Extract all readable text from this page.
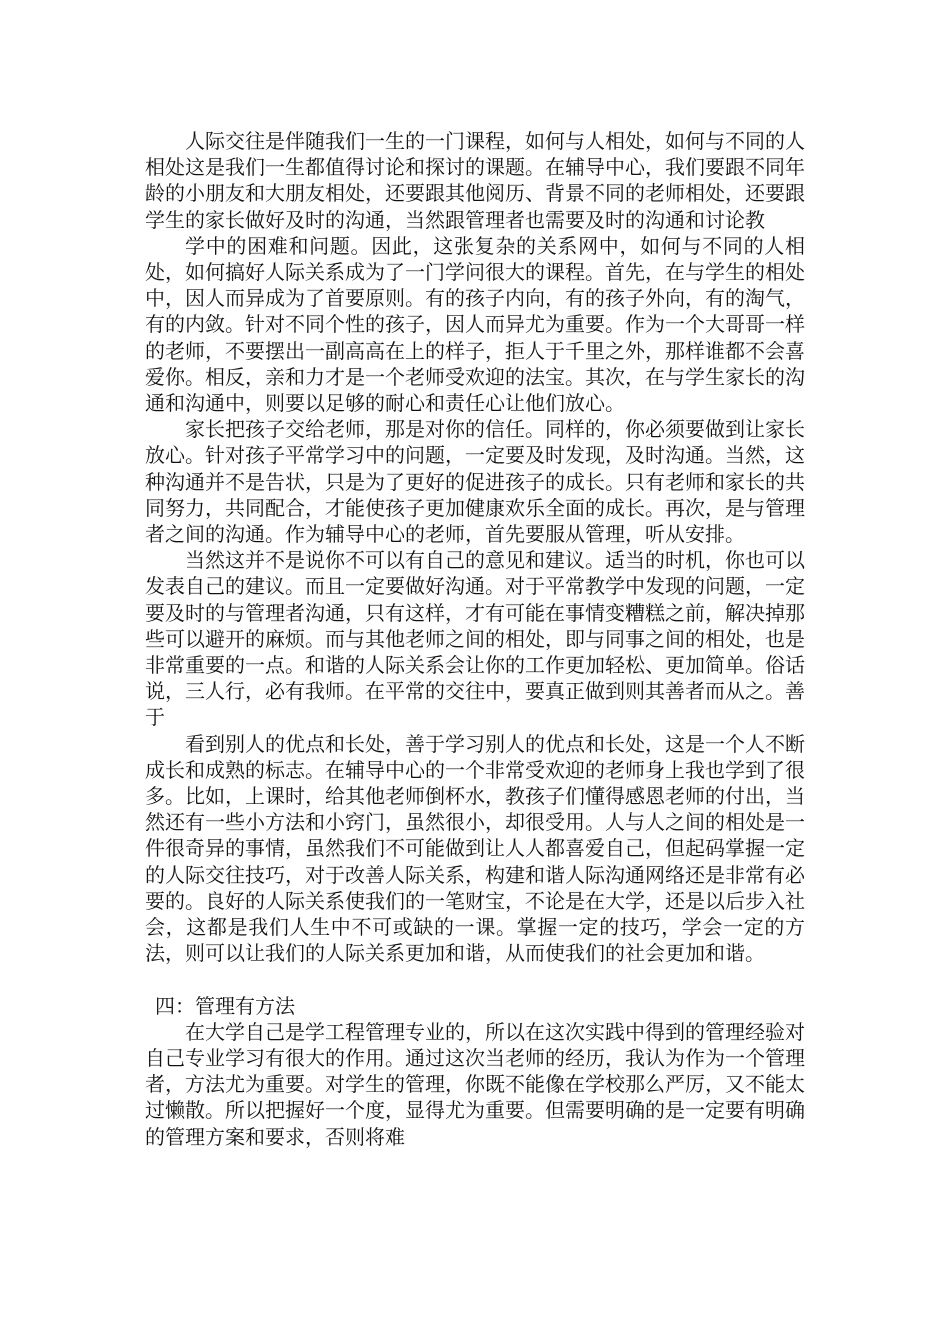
人际交往是伴随我们一生的一门课程，如何与人相处，如何与不同的人相处这是我们一生都值得讨论和探讨的课题。在辅导中心，我们要跟不同年龄的小朋友和大朋友相处，还要跟其他阅历、背景不同的老师相处，还要跟学生的家长做好及时的沟通，当然跟管理者也需要及时的沟通和讨论教

学中的困难和问题。因此，这张复杂的关系网中，如何与不同的人相处，如何搞好人际关系成为了一门学问很大的课程。首先，在与学生的相处中，因人而异成为了首要原则。有的孩子内向，有的孩子外向，有的淘气，有的内敛。针对不同个性的孩子，因人而异尤为重要。作为一个大哥哥一样的老师，不要摆出一副高高在上的样子，拒人于千里之外，那样谁都不会喜爱你。相反，亲和力才是一个老师受欢迎的法宝。其次，在与学生家长的沟通和沟通中，则要以足够的耐心和责任心让他们放心。

家长把孩子交给老师，那是对你的信任。同样的，你必须要做到让家长放心。针对孩子平常学习中的问题，一定要及时发现，及时沟通。当然，这种沟通并不是告状，只是为了更好的促进孩子的成长。只有老师和家长的共同努力，共同配合，才能使孩子更加健康欢乐全面的成长。再次，是与管理者之间的沟通。作为辅导中心的老师，首先要服从管理，听从安排。

当然这并不是说你不可以有自己的意见和建议。适当的时机，你也可以发表自己的建议。而且一定要做好沟通。对于平常教学中发现的问题，一定要及时的与管理者沟通，只有这样，才有可能在事情变糟糕之前，解决掉那些可以避开的麻烦。而与其他老师之间的相处，即与同事之间的相处，也是非常重要的一点。和谐的人际关系会让你的工作更加轻松、更加简单。俗话说，三人行，必有我师。在平常的交往中，要真正做到则其善者而从之。善于

看到别人的优点和长处，善于学习别人的优点和长处，这是一个人不断成长和成熟的标志。在辅导中心的一个非常受欢迎的老师身上我也学到了很多。比如，上课时，给其他老师倒杯水，教孩子们懂得感恩老师的付出，当然还有一些小方法和小窍门，虽然很小，却很受用。人与人之间的相处是一件很奇异的事情，虽然我们不可能做到让人人都喜爱自己，但起码掌握一定的人际交往技巧，对于改善人际关系，构建和谐人际沟通网络还是非常有必要的。良好的人际关系使我们的一笔财宝，不论是在大学，还是以后步入社会，这都是我们人生中不可或缺的一课。掌握一定的技巧，学会一定的方法，则可以让我们的人际关系更加和谐，从而使我们的社会更加和谐。

四：管理有方法

在大学自己是学工程管理专业的，所以在这次实践中得到的管理经验对自己专业学习有很大的作用。通过这次当老师的经历，我认为作为一个管理者，方法尤为重要。对学生的管理，你既不能像在学校那么严厉，又不能太过懒散。所以把握好一个度，显得尤为重要。但需要明确的是一定要有明确的管理方案和要求，否则将难
